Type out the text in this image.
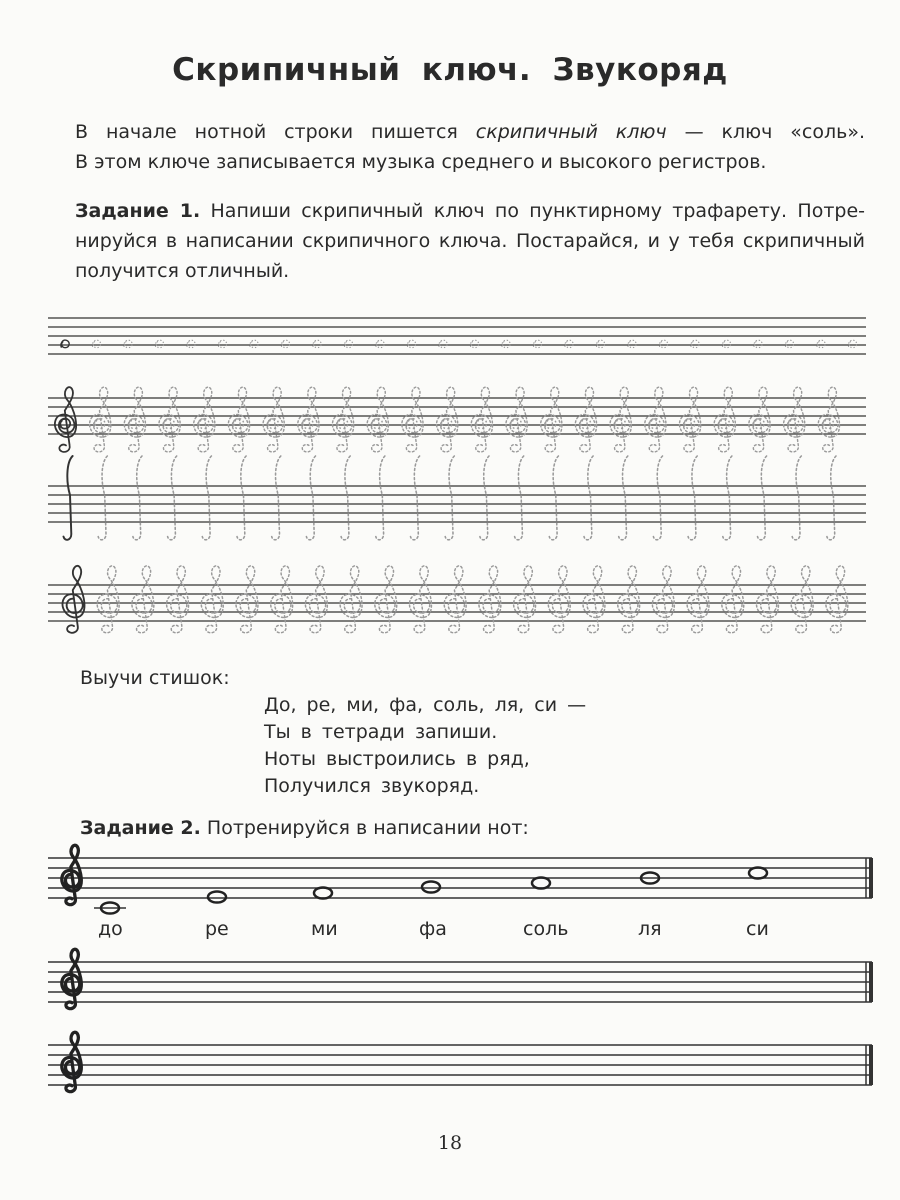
Скрипичный ключ. Звукоряд

В начале нотной строки пишется скрипичный ключ — ключ «соль».
В этом ключе записывается музыка среднего и высокого регистров.

Задание 1. Напиши скрипичный ключ по пунктирному трафарету. Потре-
нируйся в написании скрипичного ключа. Постарайся, и у тебя скрипичный
получится отличный.

Выучи стишок:

До, ре, ми, фа, соль, ля, си —
Ты в тетради запиши.
Ноты выстроились в ряд,
Получился звукоряд.

Задание 2. Потренируйся в написании нот:

до	ре	ми	фа	соль	ля	си
18
